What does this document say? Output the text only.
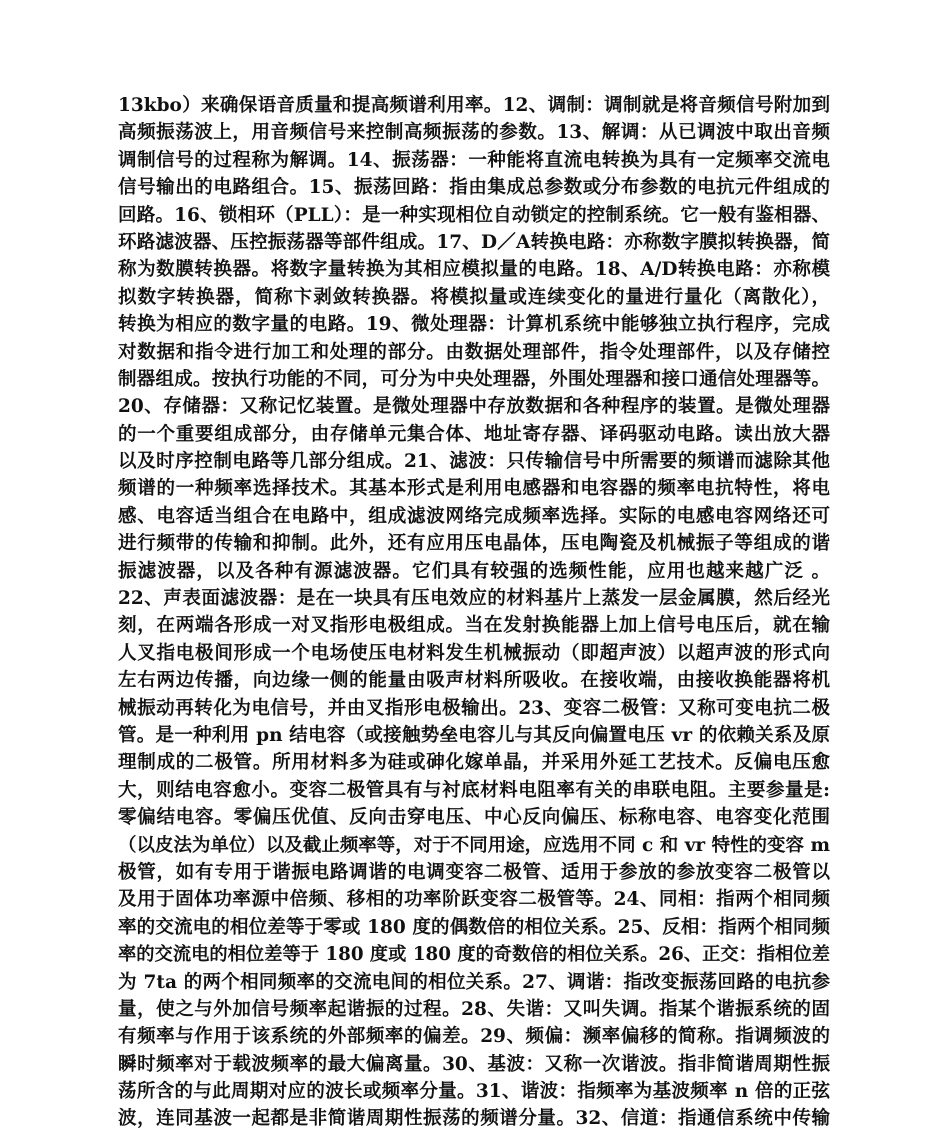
13kbo）来确保语音质量和提高频谱利用率。12、调制：调制就是将音频信号附加到
高频振荡波上，用音频信号来控制高频振荡的参数。13、解调：从已调波中取出音频
调制信号的过程称为解调。14、振荡器：一种能将直流电转换为具有一定频率交流电
信号输出的电路组合。15、振荡回路：指由集成总参数或分布参数的电抗元件组成的
回路。16、锁相环（PLL）：是一种实现相位自动锁定的控制系统。它一般有鉴相器、
环路滤波器、压控振荡器等部件组成。17、D／A转换电路：亦称数字膜拟转换器，简
称为数膜转换器。将数字量转换为其相应模拟量的电路。18、A/D转换电路：亦称模
拟数字转换器，简称卞剥敛转换器。将模拟量或连续变化的量进行量化（离散化），
转换为相应的数字量的电路。19、微处理器：计算机系统中能够独立执行程序，完成
对数据和指令进行加工和处理的部分。由数据处理部件，指令处理部件，以及存储控
制器组成。按执行功能的不同，可分为中央处理器，外围处理器和接口通信处理器等。
20、存储器：又称记忆装置。是微处理器中存放数据和各种程序的装置。是微处理器
的一个重要组成部分，由存储单元集合体、地址寄存器、译码驱动电路。读出放大器
以及时序控制电路等几部分组成。21、滤波：只传输信号中所需要的频谱而滤除其他
频谱的一种频率选择技术。其基本形式是利用电感器和电容器的频率电抗特性，将电
感、电容适当组合在电路中，组成滤波网络完成频率选择。实际的电感电容网络还可
进行频带的传输和抑制。此外，还有应用压电晶体，压电陶瓷及机械振子等组成的谐
振滤波器，以及各种有源滤波器。它们具有较强的选频性能，应用也越来越广泛 。
22、声表面滤波器：是在一块具有压电效应的材料基片上蒸发一层金属膜，然后经光
刻，在两端各形成一对叉指形电极组成。当在发射换能器上加上信号电压后，就在输
人叉指电极间形成一个电场使压电材料发生机械振动（即超声波）以超声波的形式向
左右两边传播，向边缘一侧的能量由吸声材料所吸收。在接收端，由接收换能器将机
械振动再转化为电信号，并由叉指形电极输出。23、变容二极管：又称可变电抗二极
管。是一种利用 pn 结电容（或接触势垒电容儿与其反向偏置电压 vr 的依赖关系及原
理制成的二极管。所用材料多为硅或砷化嫁单晶，并采用外延工艺技术。反偏电压愈
大，则结电容愈小。变容二极管具有与衬底材料电阻率有关的串联电阻。主要参量是:
零偏结电容。零偏压优值、反向击穿电压、中心反向偏压、标称电容、电容变化范围
（以皮法为单位）以及截止频率等，对于不同用途，应选用不同 c 和 vr 特性的变容 m
极管，如有专用于谐振电路调谐的电调变容二极管、适用于参放的参放变容二极管以
及用于固体功率源中倍频、移相的功率阶跃变容二极管等。24、同相：指两个相同频
率的交流电的相位差等于零或 180 度的偶数倍的相位关系。25、反相：指两个相同频
率的交流电的相位差等于 180 度或 180 度的奇数倍的相位关系。26、正交：指相位差
为 7ta 的两个相同频率的交流电间的相位关系。27、调谐：指改变振荡回路的电抗参
量，使之与外加信号频率起谐振的过程。28、失谐：又叫失调。指某个谐振系统的固
有频率与作用于该系统的外部频率的偏差。29、频偏：濒率偏移的简称。指调频波的
瞬时频率对于载波频率的最大偏离量。30、基波：又称一次谐波。指非简谐周期性振
荡所含的与此周期对应的波长或频率分量。31、谐波：指频率为基波频率 n 倍的正弦
波，连同基波一起都是非简谐周期性振荡的频谱分量。32、信道：指通信系统中传输
